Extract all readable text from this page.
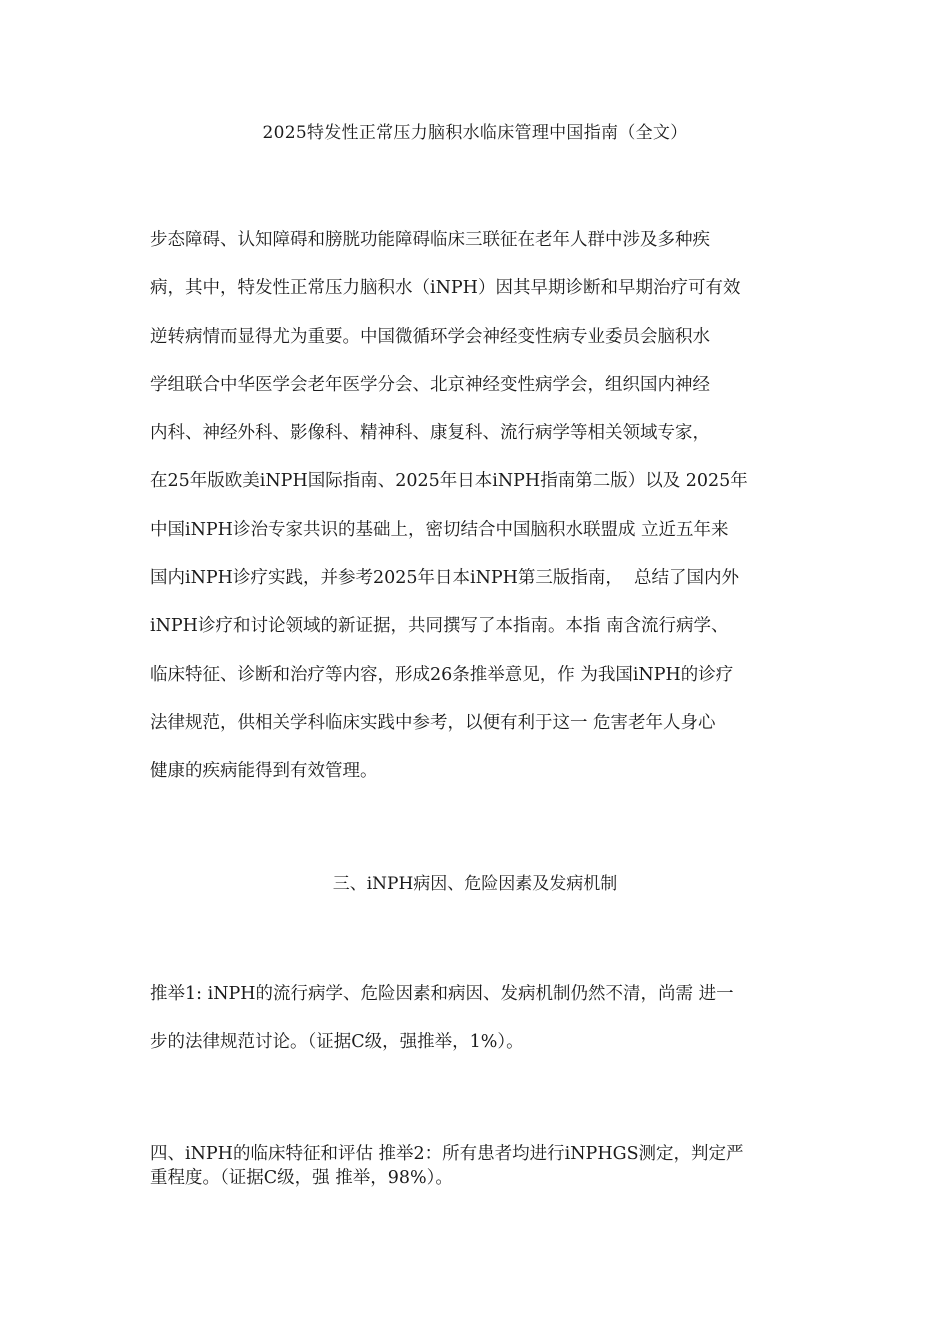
2025特发性正常压力脑积水临床管理中国指南（全文）
步态障碍、认知障碍和膀胱功能障碍临床三联征在老年人群中涉及多种疾
病，其中，特发性正常压力脑积水（iNPH）因其早期诊断和早期治疗可有效
逆转病情而显得尤为重要。中国微循环学会神经变性病专业委员会脑积水
学组联合中华医学会老年医学分会、北京神经变性病学会，组织国内神经
内科、神经外科、影像科、精神科、康复科、流行病学等相关领域专家，
在25年版欧美iNPH国际指南、2025年日本iNPH指南第二版）以及 2025年
中国iNPH诊治专家共识的基础上，密切结合中国脑积水联盟成 立近五年来
国内iNPH诊疗实践，并参考2025年日本iNPH第三版指南，  总结了国内外
iNPH诊疗和讨论领域的新证据，共同撰写了本指南。本指 南含流行病学、
临床特征、诊断和治疗等内容，形成26条推举意见，作 为我国iNPH的诊疗
法律规范，供相关学科临床实践中参考，以便有利于这一 危害老年人身心
健康的疾病能得到有效管理。
三、iNPH病因、危险因素及发病机制
推举1: iNPH的流行病学、危险因素和病因、发病机制仍然不清，尚需 进一
步的法律规范讨论。（证据C级，强推举，1%）。
四、iNPH的临床特征和评估 推举2：所有患者均进行iNPHGS测定，判定严
重程度。（证据C级，强 推举，98%）。
